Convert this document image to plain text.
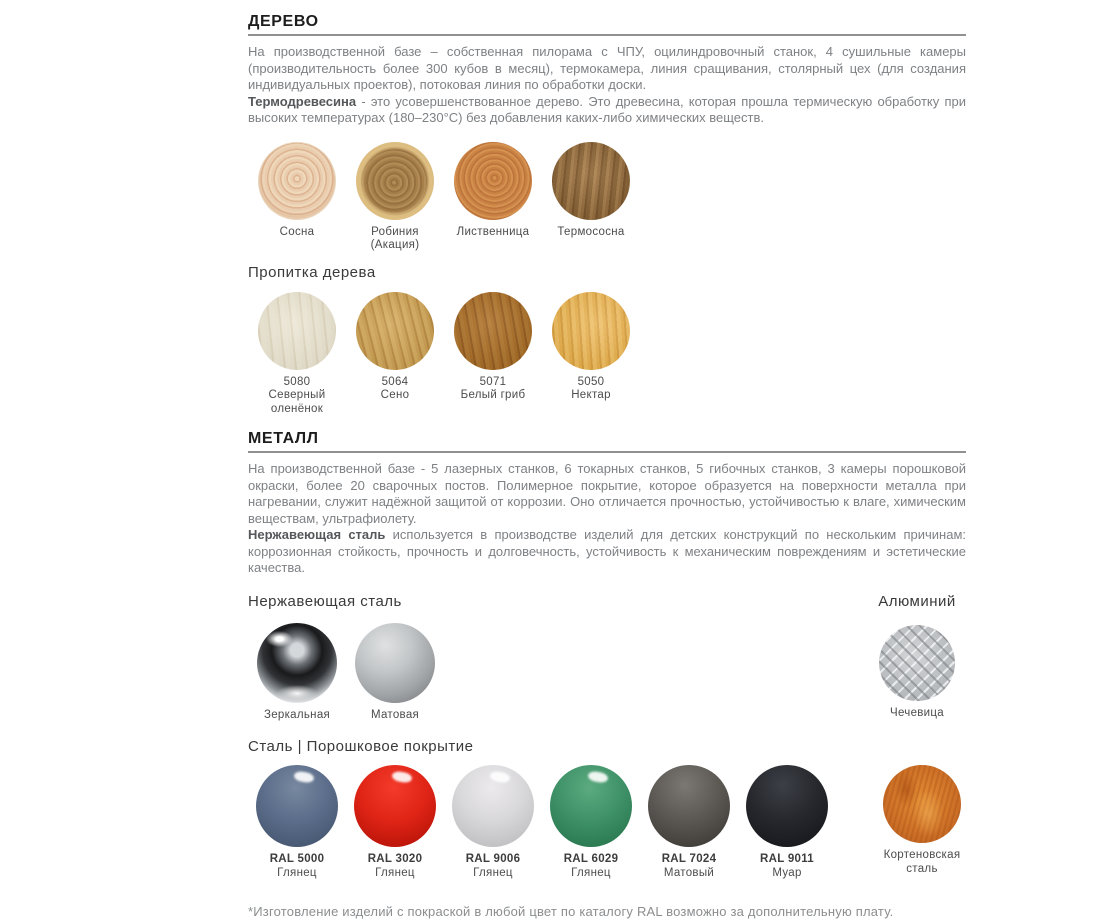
ДЕРЕВО

На производственной базе – собственная пилорама с ЧПУ, оцилиндровочный станок, 4 сушильные камеры (производительность более 300 кубов в месяц), термокамера, линия сращивания, столярный цех (для создания индивидуальных проектов), потоковая линия по обработки доски.

Термодревесина - это усовершенствованное дерево. Это древесина, которая прошла термическую обработку при высоких температурах (180–230°С) без добавления каких-либо химических веществ.

Сосна	Робиния (Акация)
Лиственница Термососна
Пропитка дерева
5080
Северный оленёнок
5064
Сено
5071
Белый гриб
5050
Нектар
МЕТАЛЛ

На производственной базе - 5 лазерных станков, 6 токарных станков, 5 гибочных станков, 3 камеры порошковой окраски, более 20 сварочных постов. Полимерное покрытие, которое образуется на поверхности металла при нагревании, служит надёжной защитой от коррозии. Оно отличается прочностью, устойчивостью к влаге, химическим веществам, ультрафиолету.

Нержавеющая сталь используется в производстве изделий для детских конструкций по нескольким причинам: коррозионная стойкость, прочность и долговечность, устойчивость к механическим повреждениям и эстетические качества.

Нержавеющая сталь
Зеркальная	Матовая
Алюминий
Чечевица
Сталь | Порошковое покрытие
RAL 5000
Глянец
RAL 3020
Глянец
RAL 9006
Глянец
RAL 6029
Глянец
RAL 7024
Матовый
RAL 9011
Муар
Кортеновская сталь

*Изготовление изделий с покраской в любой цвет по каталогу RAL возможно за дополнительную плату.
